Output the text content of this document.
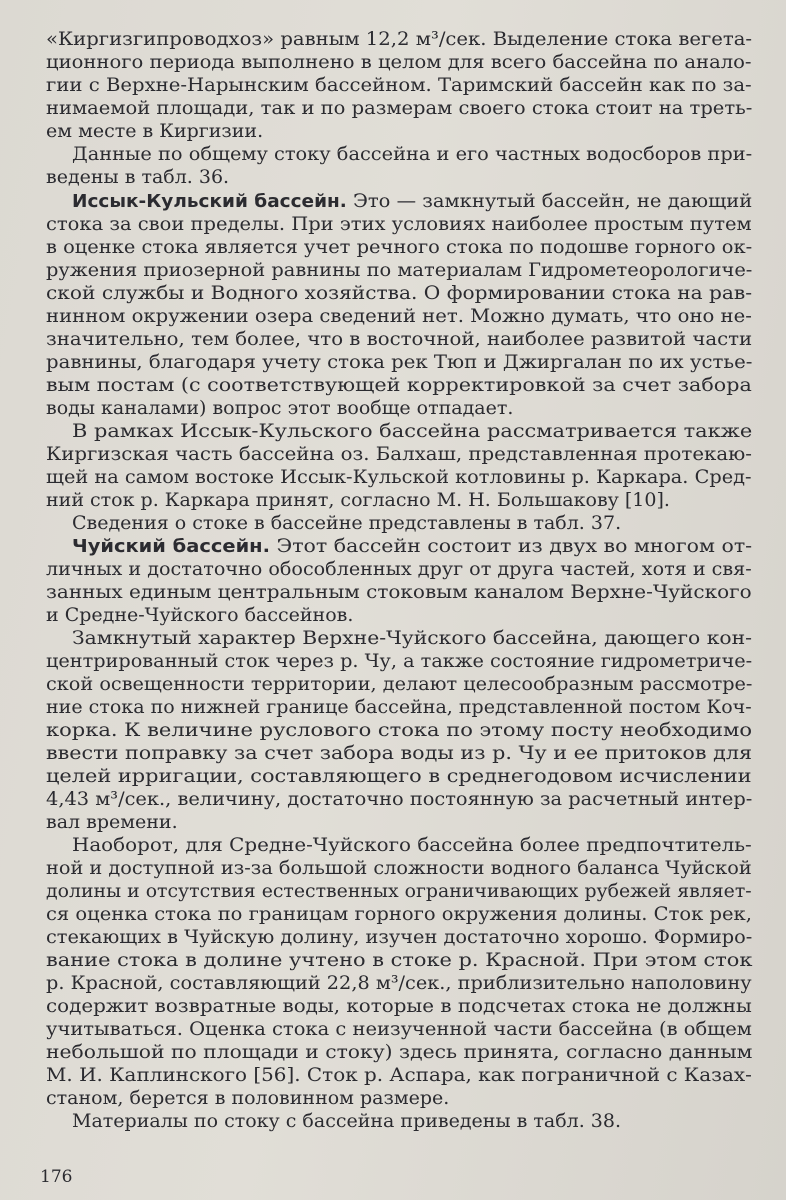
«Киргизгипроводхоз» равным 12,2 м³/сек. Выделение стока вегета-
ционного периода выполнено в целом для всего бассейна по анало-
гии с Верхне-Нарынским бассейном. Таримский бассейн как по за-
нимаемой площади, так и по размерам своего стока стоит на треть-
ем месте в Киргизии.
Данные по общему стоку бассейна и его частных водосборов при-
ведены в табл. 36.
Иссык-Кульский бассейн. Это — замкнутый бассейн, не дающий
стока за свои пределы. При этих условиях наиболее простым путем
в оценке стока является учет речного стока по подошве горного ок-
ружения приозерной равнины по материалам Гидрометеорологиче-
ской службы и Водного хозяйства. О формировании стока на рав-
нинном окружении озера сведений нет. Можно думать, что оно не-
значительно, тем более, что в восточной, наиболее развитой части
равнины, благодаря учету стока рек Тюп и Джиргалан по их устье-
вым постам (с соответствующей корректировкой за счет забора
воды каналами) вопрос этот вообще отпадает.
В рамках Иссык-Кульского бассейна рассматривается также
Киргизская часть бассейна оз. Балхаш, представленная протекаю-
щей на самом востоке Иссык-Кульской котловины р. Каркара. Сред-
ний сток р. Каркара принят, согласно М. Н. Большакову [10].
Сведения о стоке в бассейне представлены в табл. 37.
Чуйский бассейн. Этот бассейн состоит из двух во многом от-
личных и достаточно обособленных друг от друга частей, хотя и свя-
занных единым центральным стоковым каналом Верхне-Чуйского
и Средне-Чуйского бассейнов.
Замкнутый характер Верхне-Чуйского бассейна, дающего кон-
центрированный сток через р. Чу, а также состояние гидрометриче-
ской освещенности территории, делают целесообразным рассмотре-
ние стока по нижней границе бассейна, представленной постом Коч-
корка. К величине руслового стока по этому посту необходимо
ввести поправку за счет забора воды из р. Чу и ее притоков для
целей ирригации, составляющего в среднегодовом исчислении
4,43 м³/сек., величину, достаточно постоянную за расчетный интер-
вал времени.
Наоборот, для Средне-Чуйского бассейна более предпочтитель-
ной и доступной из-за большой сложности водного баланса Чуйской
долины и отсутствия естественных ограничивающих рубежей являет-
ся оценка стока по границам горного окружения долины. Сток рек,
стекающих в Чуйскую долину, изучен достаточно хорошо. Формиро-
вание стока в долине учтено в стоке р. Красной. При этом сток
р. Красной, составляющий 22,8 м³/сек., приблизительно наполовину
содержит возвратные воды, которые в подсчетах стока не должны
учитываться. Оценка стока с неизученной части бассейна (в общем
небольшой по площади и стоку) здесь принята, согласно данным
М. И. Каплинского [56]. Сток р. Аспара, как пограничной с Казах-
станом, берется в половинном размере.
Материалы по стоку с бассейна приведены в табл. 38.
176
